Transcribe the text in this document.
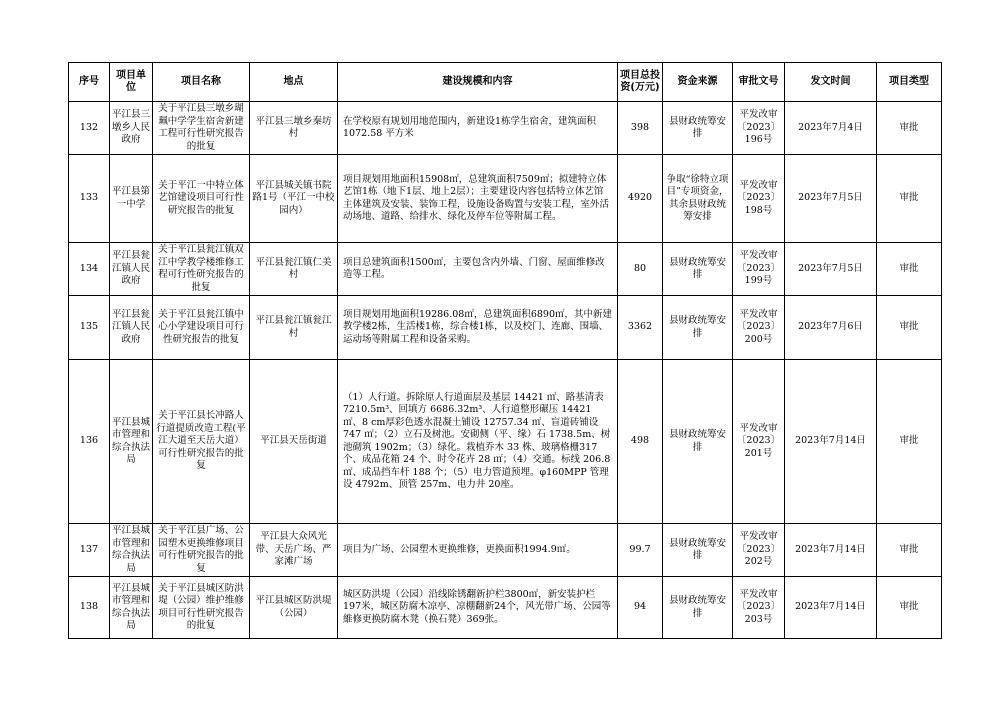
序号	项目单位	项目名称	地点	建设规模和内容	项目总投资(万元)	资金来源	审批文号	发文时间	项目类型
132	平江县三墩乡人民政府	关于平江县三墩乡瑚珮中学学生宿舍新建工程可行性研究报告的批复	平江县三墩乡秦坊村	在学校原有规划用地范围内，新建设1栋学生宿舍，建筑面积1072.58 平方米	398	县财政统筹安排	平发改审〔2023〕196号	2023年7月4日	审批
133	平江县第一中学	关于平江一中特立体艺馆建设项目可行性研究报告的批复	平江县城关镇书院路1号（平江一中校园内）	项目规划用地面积15908㎡，总建筑面积7509㎡；拟建特立体艺馆1栋（地下1层、地上2层）；主要建设内容包括特立体艺馆主体建筑及安装、装饰工程，设施设备购置与安装工程，室外活动场地、道路、给排水、绿化及停车位等附属工程。	4920	争取“徐特立项目”专项资金，其余县财政统筹安排	平发改审〔2023〕198号	2023年7月5日	审批
134	平江县瓮江镇人民政府	关于平江县瓮江镇双江中学教学楼维修工程可行性研究报告的批复	平江县瓮江镇仁美村	项目总建筑面积1500㎡，主要包含内外墙、门窗、屋面维修改造等工程。	80	县财政统筹安排	平发改审〔2023〕199号	2023年7月5日	审批
135	平江县瓮江镇人民政府	关于平江县瓮江镇中心小学建设项目可行性研究报告的批复	平江县瓮江镇瓮江村	项目规划用地面积19286.08㎡，总建筑面积6890㎡，其中新建教学楼2栋，生活楼1栋，综合楼1栋，以及校门、连廊、围墙、运动场等附属工程和设备采购。	3362	县财政统筹安排	平发改审〔2023〕200号	2023年7月6日	审批
136	平江县城市管理和综合执法局	关于平江县长冲路人行道提质改造工程(平江大道至天岳大道）可行性研究报告的批复	平江县天岳街道	（1）人行道。拆除原人行道面层及基层 14421 ㎡、路基清表 7210.5m³、回填方 6686.32m³、人行道整形碾压 14421 ㎡、8 cm厚彩色透水混凝土铺设 12757.34 ㎡、盲道砖铺设747 ㎡；（2）立石及树池。安砌侧（平、缘）石 1738.5m、树池砌筑 1902m；（3）绿化。栽植乔木 33 株、玻璃格栅317 个、成品花箱 24 个、时令花卉 28 ㎡；（4）交通。标线 206.8 ㎡、成品挡车杆 188 个；（5）电力管道预埋。φ160MPP 管理设 4792m、顶管 257m、电力井 20座。	498	县财政统筹安排	平发改审〔2023〕201号	2023年7月14日	审批
137	平江县城市管理和综合执法局	关于平江县广场、公园塑木更换维修项目可行性研究报告的批复	平江县大众风光带、天岳广场、严家滩广场	项目为广场、公园塑木更换维修，更换面积1994.9㎡。	99.7	县财政统筹安排	平发改审〔2023〕202号	2023年7月14日	审批
138	平江县城市管理和综合执法局	关于平江县城区防洪堤（公园）维护维修项目可行性研究报告的批复	平江县城区防洪堤（公园）	城区防洪堤（公园）沿线除锈翻新护栏3800㎡，新安装护栏197米，城区防腐木凉亭、凉棚翻新24个，风光带广场、公园等維修更换防腐木凳（换石凳）369张。	94	县财政统筹安排	平发改审〔2023〕203号	2023年7月14日	审批
